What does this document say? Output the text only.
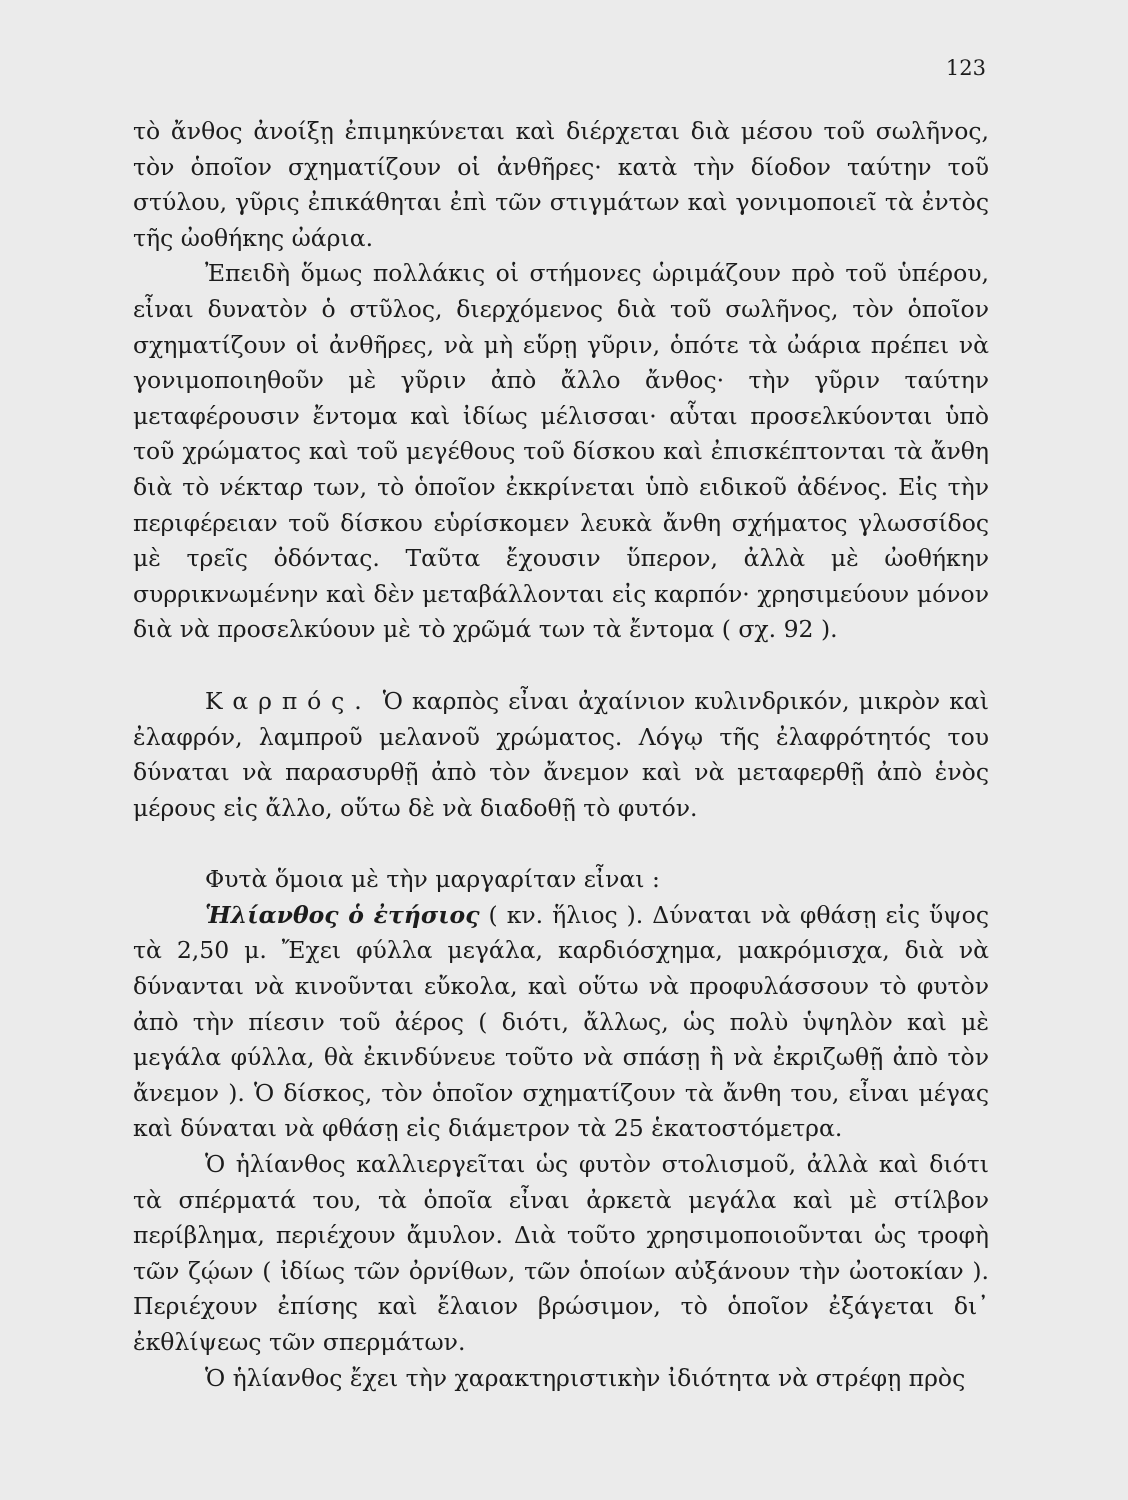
123

τὸ ἄνθος ἀνοίξῃ ἐπιμηκύνεται καὶ διέρχεται διὰ μέσου τοῦ σωλῆνος, τὸν ὁποῖον σχηματίζουν οἱ ἀνθῆρες· κατὰ τὴν δίοδον ταύτην τοῦ στύλου, γῦρις ἐπικάθηται ἐπὶ τῶν στιγμάτων καὶ γονιμοποιεῖ τὰ ἐντὸς τῆς ὠοθήκης ὠάρια.

Ἐπειδὴ ὅμως πολλάκις οἱ στήμονες ὡριμάζουν πρὸ τοῦ ὑπέρου, εἶναι δυνατὸν ὁ στῦλος, διερχόμενος διὰ τοῦ σωλῆνος, τὸν ὁποῖον σχηματίζουν οἱ ἀνθῆρες, νὰ μὴ εὕρῃ γῦριν, ὁπότε τὰ ὠάρια πρέπει νὰ γονιμοποιηθοῦν μὲ γῦριν ἀπὸ ἄλλο ἄνθος· τὴν γῦριν ταύτην μεταφέρουσιν ἔντομα καὶ ἰδίως μέλισσαι· αὗται προσελκύονται ὑπὸ τοῦ χρώματος καὶ τοῦ μεγέθους τοῦ δίσκου καὶ ἐπισκέπτονται τὰ ἄνθη διὰ τὸ νέκταρ των, τὸ ὁποῖον ἐκκρίνεται ὑπὸ ειδικοῦ ἀδένος. Εἰς τὴν περιφέρειαν τοῦ δίσκου εὑρίσκομεν λευκὰ ἄνθη σχήματος γλωσσίδος μὲ τρεῖς ὀδόντας. Ταῦτα ἔχουσιν ὕπερον, ἀλλὰ μὲ ὠοθήκην συρρικνωμένην καὶ δὲν μεταβάλλονται εἰς καρπόν· χρησιμεύουν μόνον διὰ νὰ προσελκύουν μὲ τὸ χρῶμά των τὰ ἔντομα ( σχ. 92 ).

Καρπός. Ὁ καρπὸς εἶναι ἀχαίνιον κυλινδρικόν, μικρὸν καὶ ἐλαφρόν, λαμπροῦ μελανοῦ χρώματος. Λόγῳ τῆς ἐλαφρότητός του δύναται νὰ παρασυρθῇ ἀπὸ τὸν ἄνεμον καὶ νὰ μεταφερθῇ ἀπὸ ἑνὸς μέρους εἰς ἄλλο, οὕτω δὲ νὰ διαδοθῇ τὸ φυτόν.

Φυτὰ ὅμοια μὲ τὴν μαργαρίταν εἶναι :

Ἡλίανθος ὁ ἐτήσιος ( κν. ἥλιος ). Δύναται νὰ φθάσῃ εἰς ὕψος τὰ 2,50 μ. Ἔχει φύλλα μεγάλα, καρδιόσχημα, μακρόμισχα, διὰ νὰ δύνανται νὰ κινοῦνται εὔκολα, καὶ οὕτω νὰ προφυλάσσουν τὸ φυτὸν ἀπὸ τὴν πίεσιν τοῦ ἀέρος ( διότι, ἄλλως, ὡς πολὺ ὑψηλὸν καὶ μὲ μεγάλα φύλλα, θὰ ἐκινδύνευε τοῦτο νὰ σπάσῃ ἢ νὰ ἐκριζωθῇ ἀπὸ τὸν ἄνεμον ). Ὁ δίσκος, τὸν ὁποῖον σχηματίζουν τὰ ἄνθη του, εἶναι μέγας καὶ δύναται νὰ φθάσῃ εἰς διάμετρον τὰ 25 ἑκατοστόμετρα.

Ὁ ἡλίανθος καλλιεργεῖται ὡς φυτὸν στολισμοῦ, ἀλλὰ καὶ διότι τὰ σπέρματά του, τὰ ὁποῖα εἶναι ἀρκετὰ μεγάλα καὶ μὲ στίλβον περίβλημα, περιέχουν ἄμυλον. Διὰ τοῦτο χρησιμοποιοῦνται ὡς τροφὴ τῶν ζῴων ( ἰδίως τῶν ὀρνίθων, τῶν ὁποίων αὐξάνουν τὴν ὠοτοκίαν ). Περιέχουν ἐπίσης καὶ ἔλαιον βρώσιμον, τὸ ὁποῖον ἐξάγεται δι᾽ ἐκθλίψεως τῶν σπερμάτων.

Ὁ ἡλίανθος ἔχει τὴν χαρακτηριστικὴν ἰδιότητα νὰ στρέφῃ πρὸς
